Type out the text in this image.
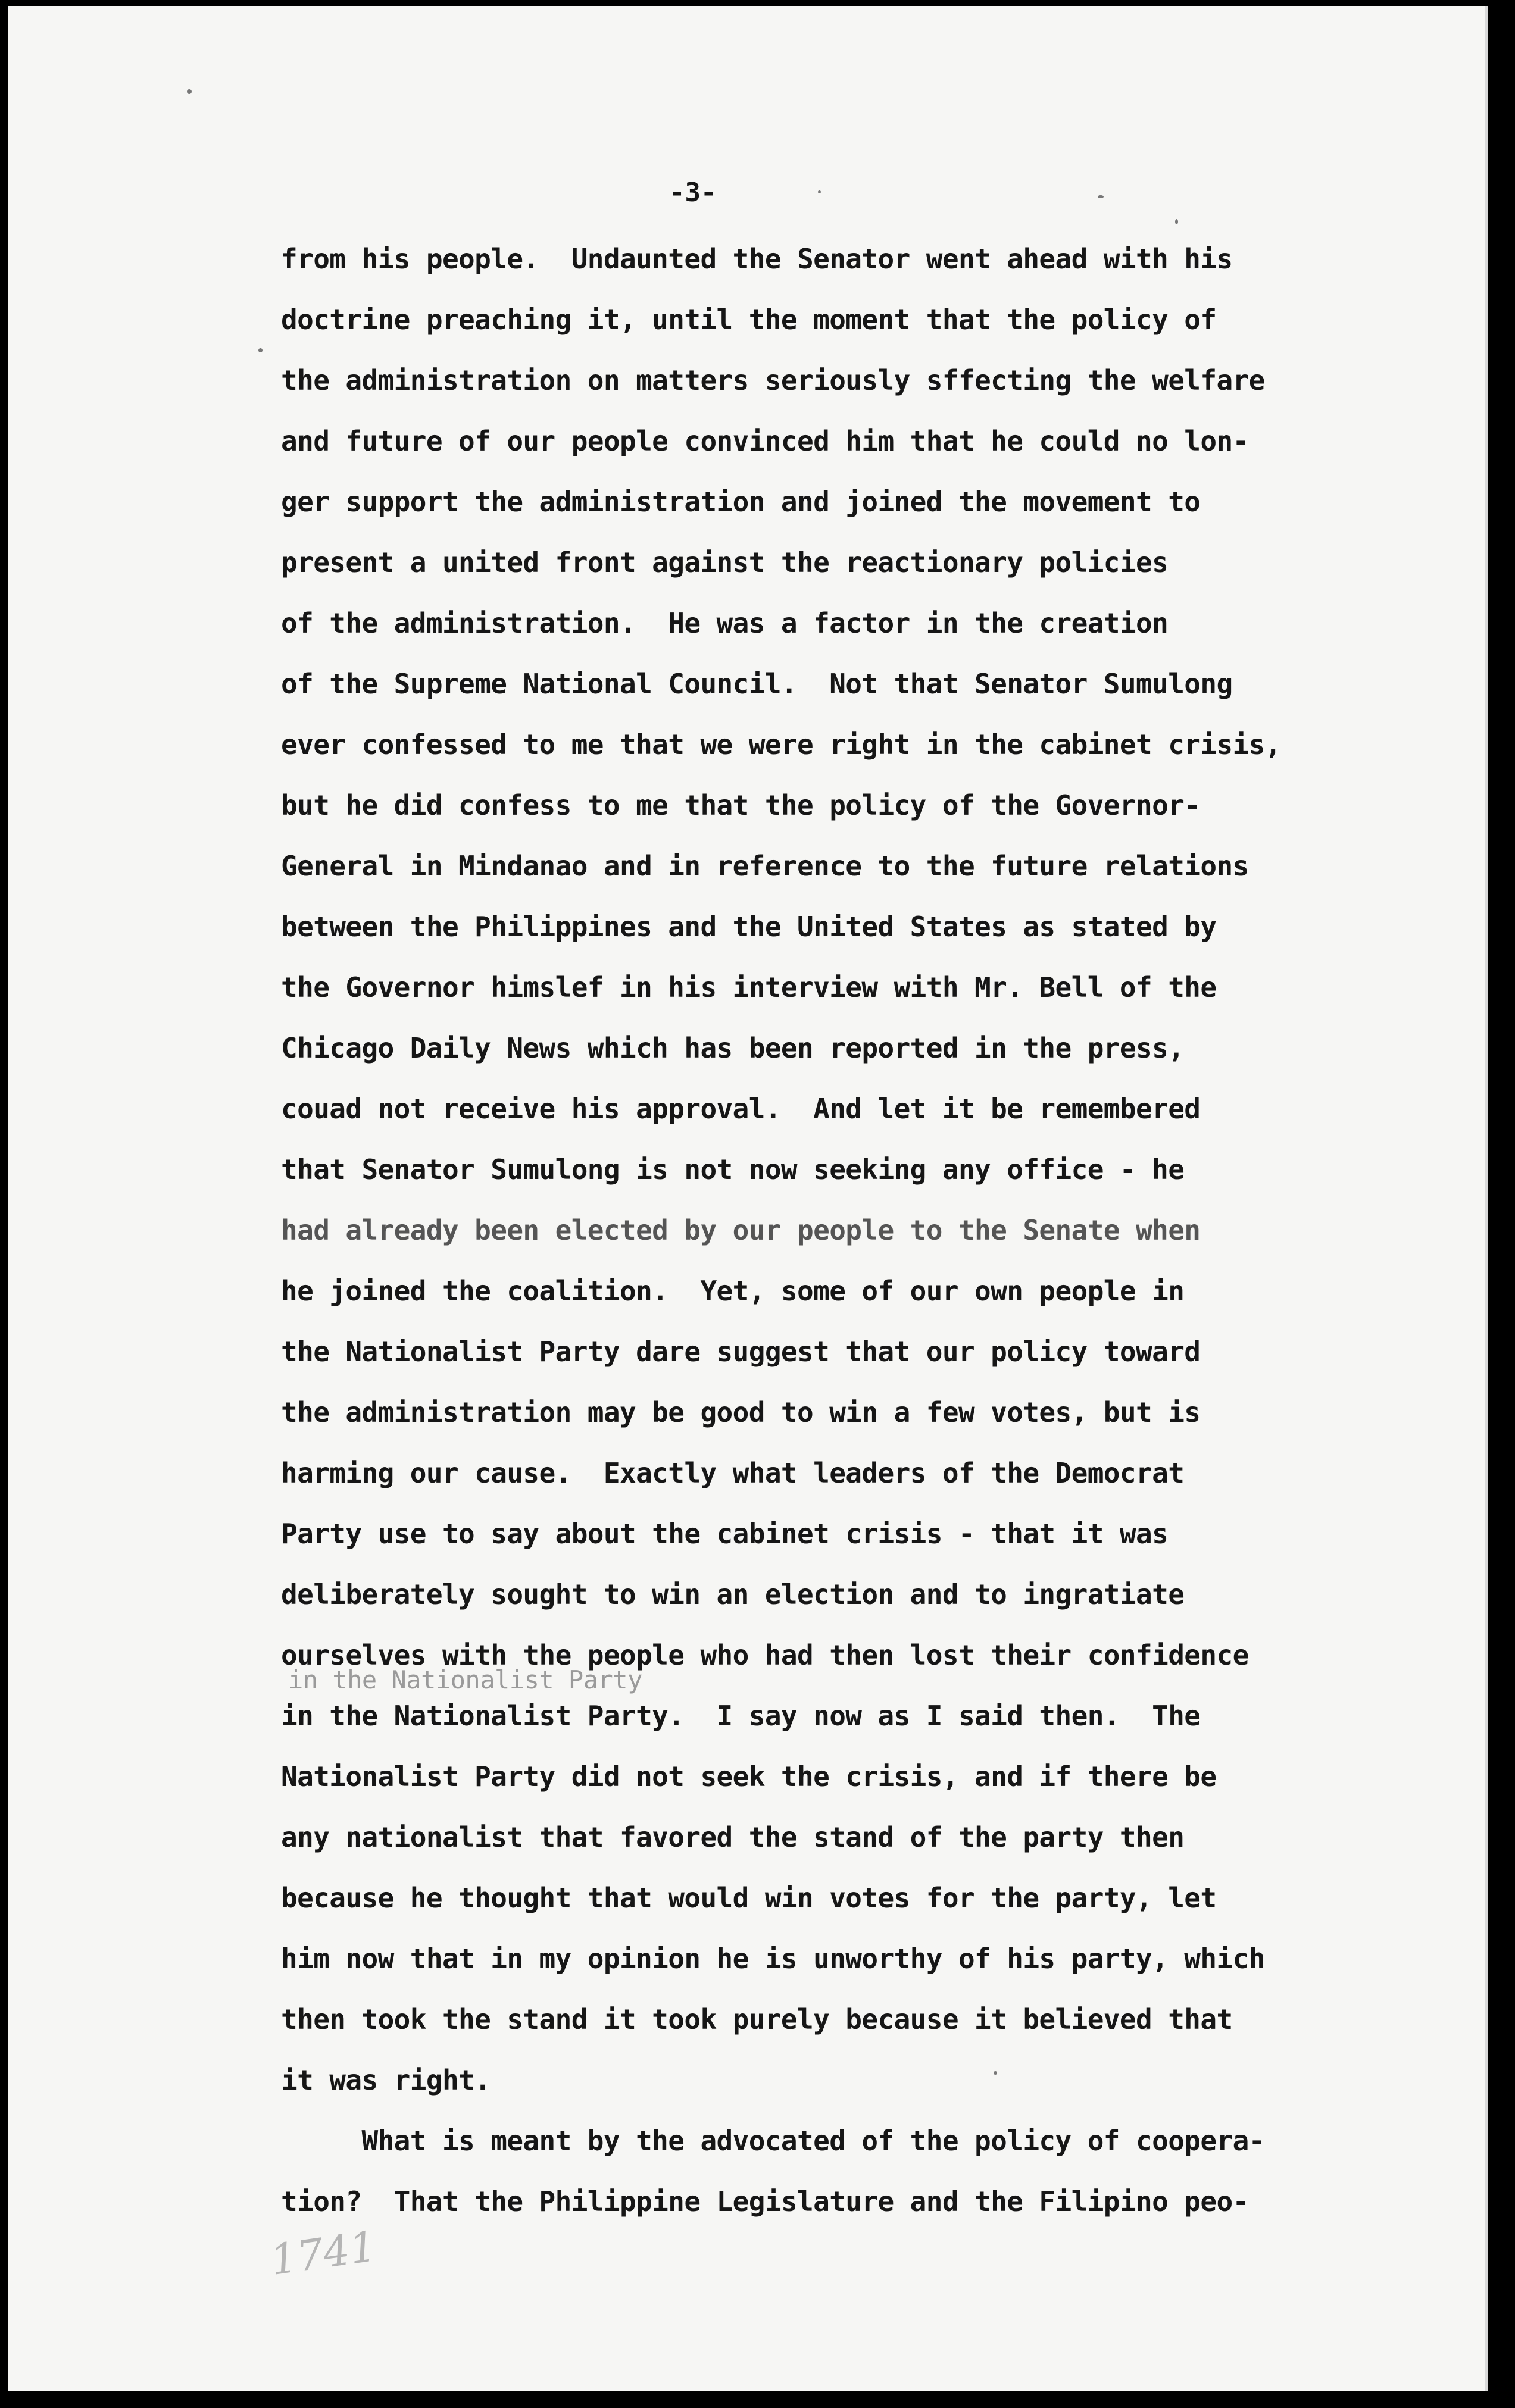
-3-
from his people.  Undaunted the Senator went ahead with his
doctrine preaching it, until the moment that the policy of
the administration on matters seriously sffecting the welfare
and future of our people convinced him that he could no lon-
ger support the administration and joined the movement to
present a united front against the reactionary policies
of the administration.  He was a factor in the creation
of the Supreme National Council.  Not that Senator Sumulong
ever confessed to me that we were right in the cabinet crisis,
but he did confess to me that the policy of the Governor-
General in Mindanao and in reference to the future relations
between the Philippines and the United States as stated by
the Governor himslef in his interview with Mr. Bell of the
Chicago Daily News which has been reported in the press,
couad not receive his approval.  And let it be remembered
that Senator Sumulong is not now seeking any office - he
had already been elected by our people to the Senate when
he joined the coalition.  Yet, some of our own people in
the Nationalist Party dare suggest that our policy toward
the administration may be good to win a few votes, but is
harming our cause.  Exactly what leaders of the Democrat
Party use to say about the cabinet crisis - that it was
deliberately sought to win an election and to ingratiate
ourselves with the people who had then lost their confidence
in the Nationalist Party
in the Nationalist Party.  I say now as I said then.  The
Nationalist Party did not seek the crisis, and if there be
any nationalist that favored the stand of the party then
because he thought that would win votes for the party, let
him now that in my opinion he is unworthy of his party, which
then took the stand it took purely because it believed that
it was right.
What is meant by the advocated of the policy of coopera-
tion?  That the Philippine Legislature and the Filipino peo-
1741
